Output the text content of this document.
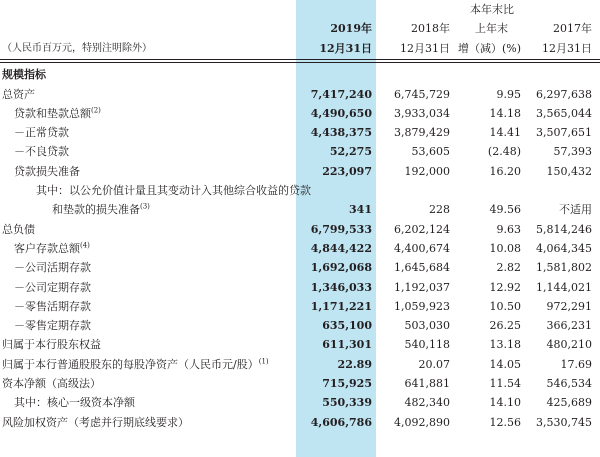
本年末比
2019年	2018年 上年末	2017年
（人民币百万元，特别注明除外）	12月31日	12月31日 增（减）(%) 12月31日
规模指标
总资产	7,417,240 6,745,729	9.95 6,297,638
贷款和垫款总额$^{(2)}$	4,490,650 3,933,034	14.18 3,565,044
－正常贷款	4,438,375 3,879,429	14.41 3,507,651
－不良贷款	52,275	53,605	(2.48)	57,393
贷款损失准备	223,097	192,000	16.20 150,432
其中：以公允价值计量且其变动计入其他综合收益的贷款
和垫款的损失准备$^{(3)}$	341	228	49.56	不适用
总负债	6,799,533 6,202,124	9.63 5,814,246
客户存款总额$^{(4)}$	4,844,422 4,400,674	10.08 4,064,345
－公司活期存款	1,692,068 1,645,684	2.82 1,581,802
－公司定期存款	1,346,033 1,192,037	12.92 1,144,021
－零售活期存款	1,171,221 1,059,923	10.50 972,291
－零售定期存款	635,100	503,030	26.25 366,231
归属于本行股东权益	611,301	540,118	13.18 480,210
归属于本行普通股股东的每股净资产（人民币元/股）$^{(1)}$	22.89	20.07	14.05	17.69
资本净额（高级法）	715,925	641,881	11.54 546,534
其中：核心一级资本净额	550,339	482,340	14.10 425,689
风险加权资产（考虑并行期底线要求）	4,606,786 4,092,890	12.56 3,530,745
